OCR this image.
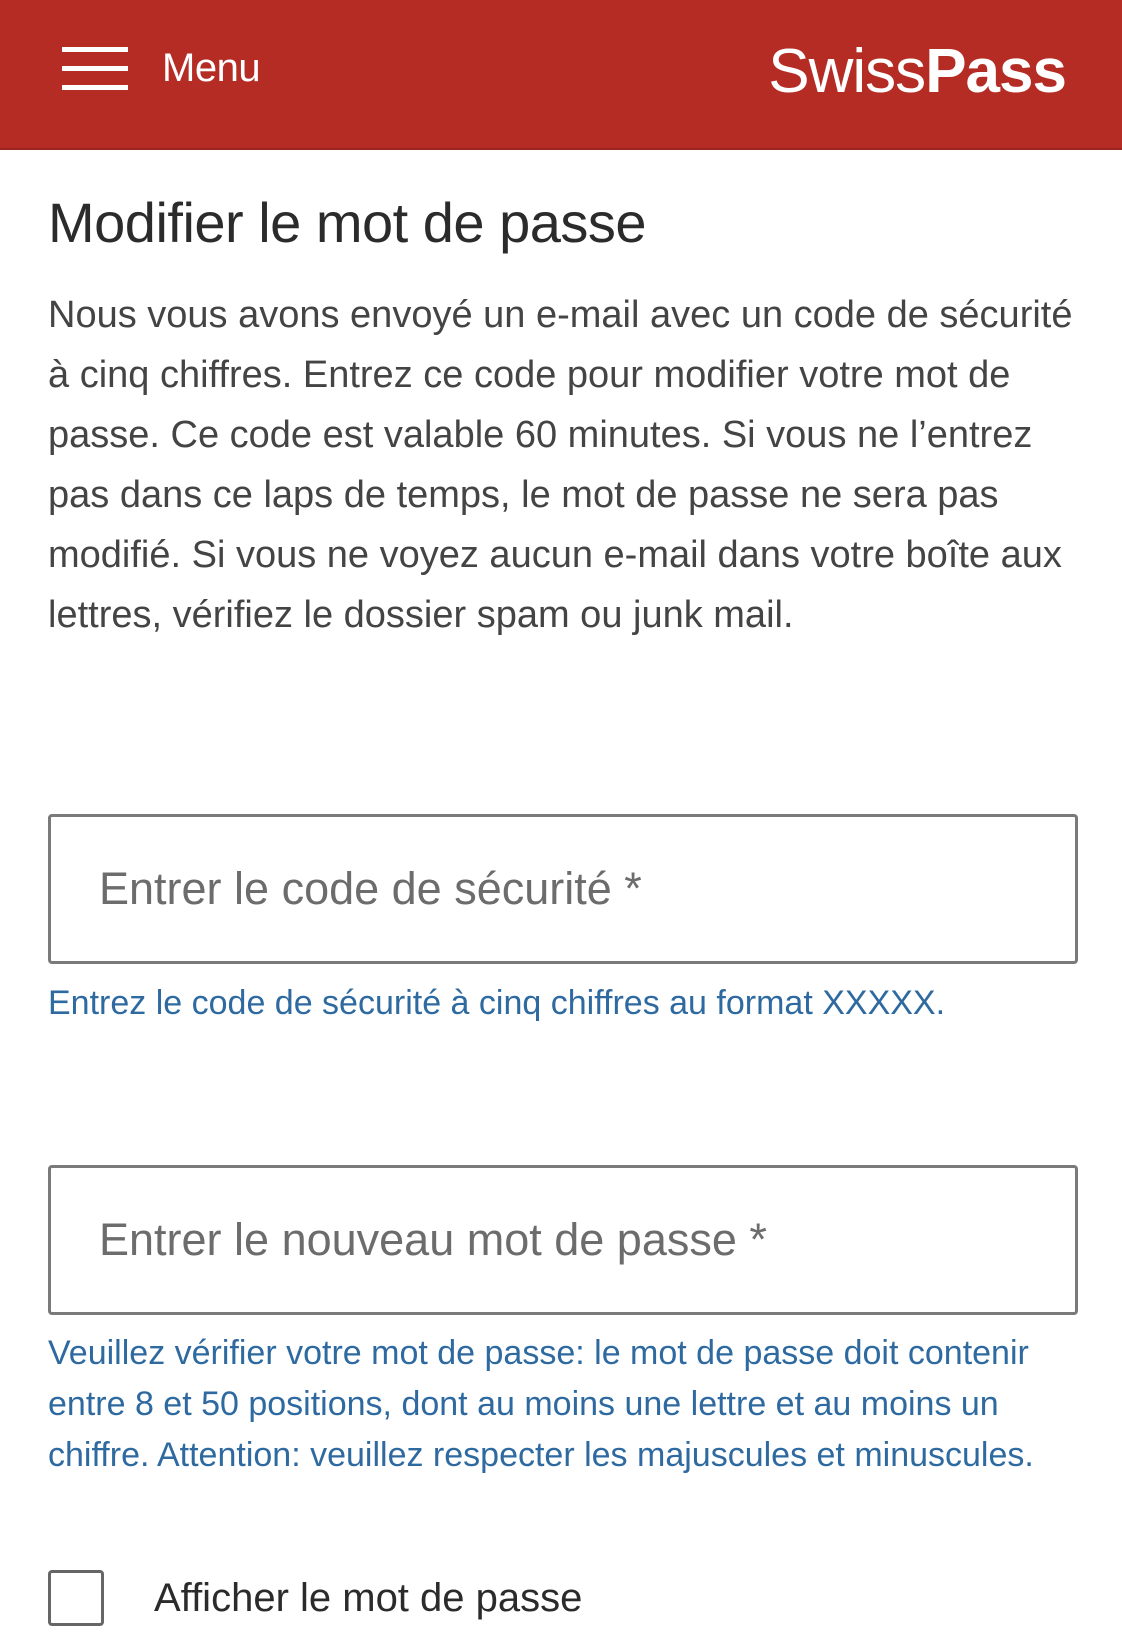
Menu	SwissPass
Modifier le mot de passe

Nous vous avons envoyé un e-mail avec un code de sécurité à cinq chiffres. Entrez ce code pour modifier votre mot de passe. Ce code est valable 60 minutes. Si vous ne l’entrez pas dans ce laps de temps, le mot de passe ne sera pas modifié. Si vous ne voyez aucun e-mail dans votre boîte aux lettres, vérifiez le dossier spam ou junk mail.

Entrer le code de sécurité *
Entrez le code de sécurité à cinq chiffres au format XXXXX.
Veuillez vérifier votre mot de passe: le mot de passe doit contenir entre 8 et 50 positions, dont au moins une lettre et au moins un chiffre. Attention: veuillez respecter les majuscules et minuscules.
Afficher le mot de passe
